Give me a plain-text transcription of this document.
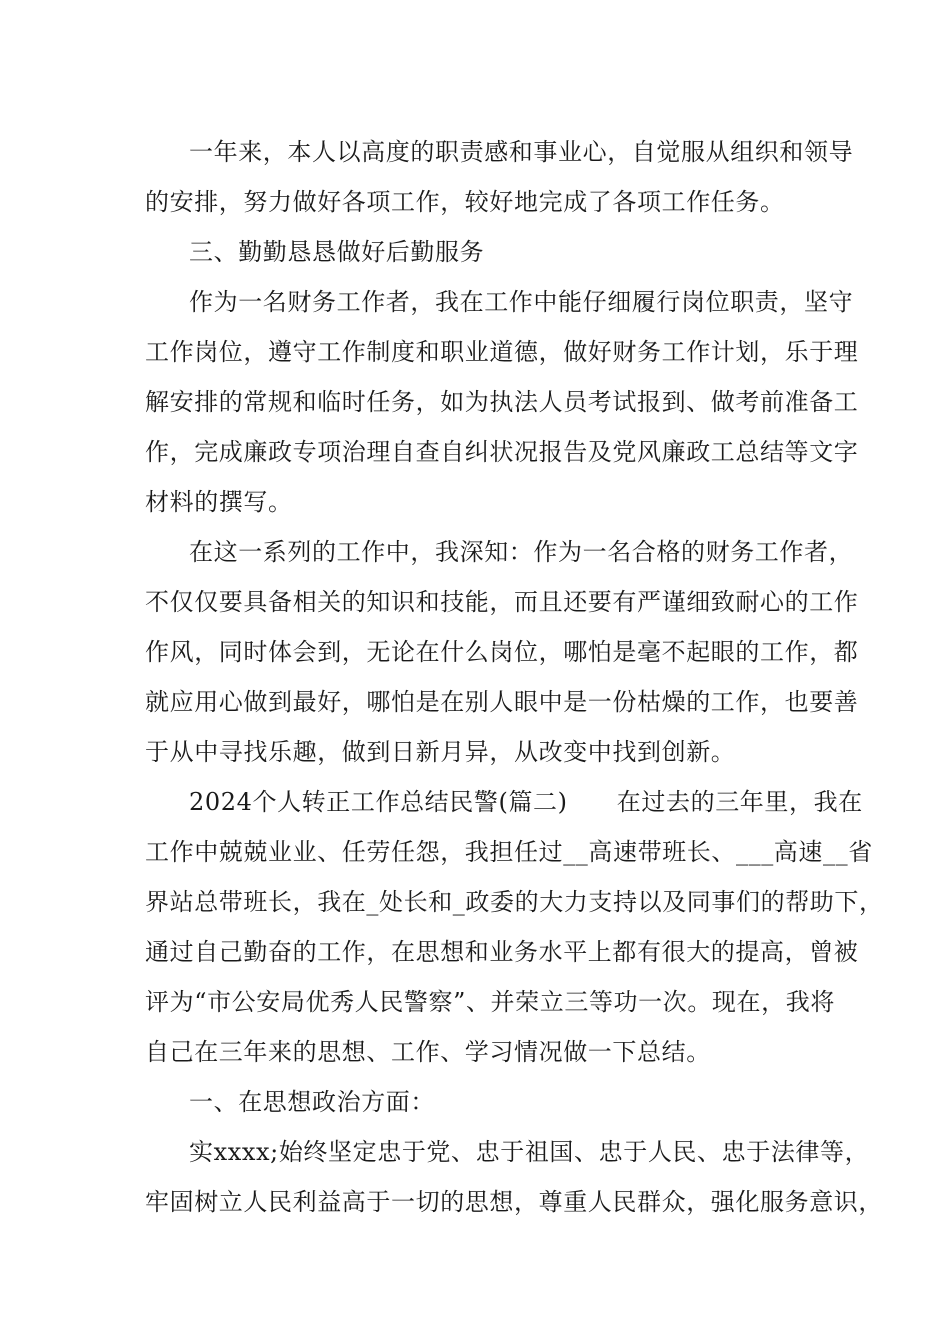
一年来，本人以高度的职责感和事业心，自觉服从组织和领导
的安排，努力做好各项工作，较好地完成了各项工作任务。
三、勤勤恳恳做好后勤服务
作为一名财务工作者，我在工作中能仔细履行岗位职责，坚守
工作岗位，遵守工作制度和职业道德，做好财务工作计划，乐于理
解安排的常规和临时任务，如为执法人员考试报到、做考前准备工
作，完成廉政专项治理自查自纠状况报告及党风廉政工总结等文字
材料的撰写。
在这一系列的工作中，我深知：作为一名合格的财务工作者，
不仅仅要具备相关的知识和技能，而且还要有严谨细致耐心的工作
作风，同时体会到，无论在什么岗位，哪怕是毫不起眼的工作，都
就应用心做到最好，哪怕是在别人眼中是一份枯燥的工作，也要善
于从中寻找乐趣，做到日新月异，从改变中找到创新。
2024个人转正工作总结民警(篇二)　　在过去的三年里，我在
工作中兢兢业业、任劳任怨，我担任过__高速带班长、___高速__省
界站总带班长，我在_处长和_政委的大力支持以及同事们的帮助下，
通过自己勤奋的工作，在思想和业务水平上都有很大的提高，曾被
评为“市公安局优秀人民警察”、并荣立三等功一次。现在，我将
自己在三年来的思想、工作、学习情况做一下总结。
一、在思想政治方面：
实xxxx;始终坚定忠于党、忠于祖国、忠于人民、忠于法律等，
牢固树立人民利益高于一切的思想，尊重人民群众，强化服务意识，
